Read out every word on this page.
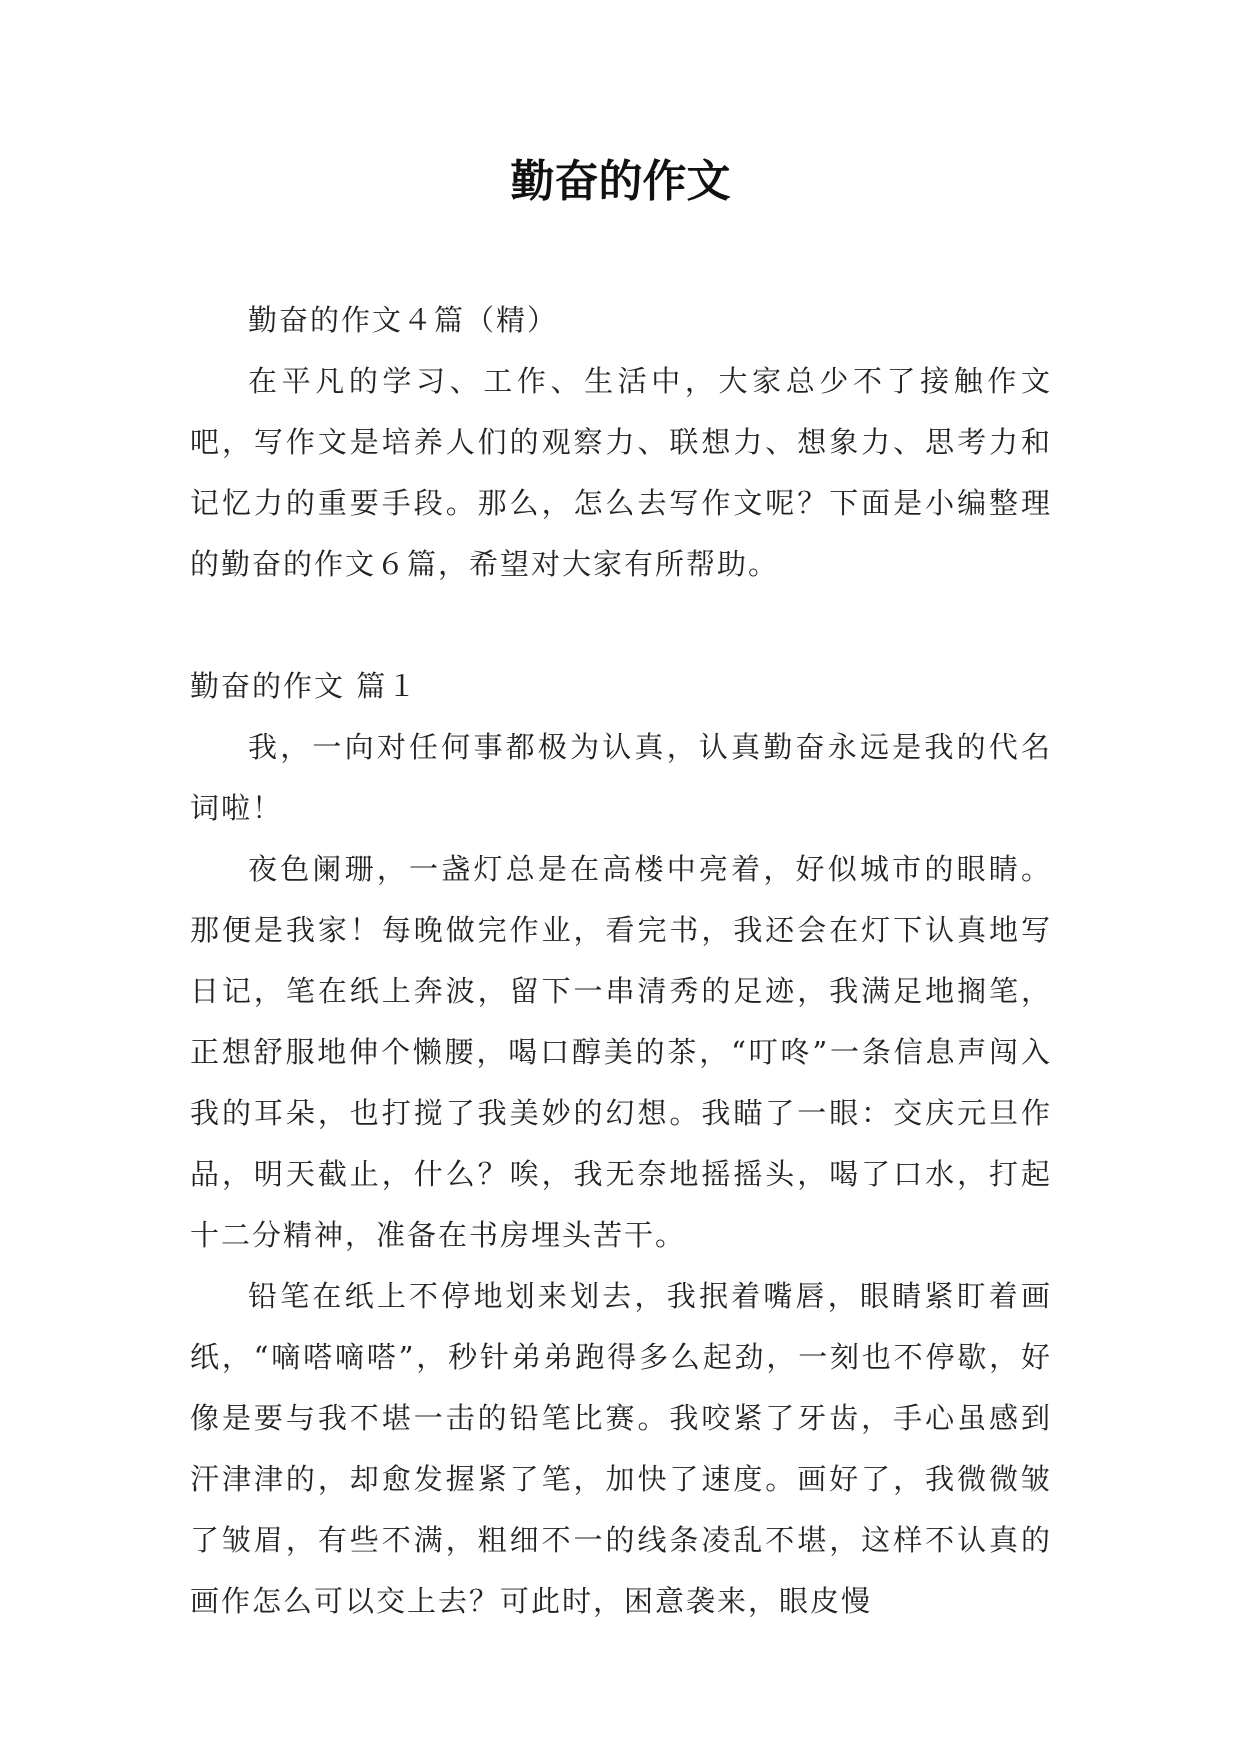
勤奋的作文

勤奋的作文４篇（精）

在平凡的学习、工作、生活中，大家总少不了接触作文吧，写作文是培养人们的观察力、联想力、想象力、思考力和记忆力的重要手段。那么，怎么去写作文呢？下面是小编整理的勤奋的作文６篇，希望对大家有所帮助。

勤奋的作文 篇１

我，一向对任何事都极为认真，认真勤奋永远是我的代名词啦！

夜色阑珊，一盏灯总是在高楼中亮着，好似城市的眼睛。那便是我家！每晚做完作业，看完书，我还会在灯下认真地写日记，笔在纸上奔波，留下一串清秀的足迹，我满足地搁笔，正想舒服地伸个懒腰，喝口醇美的茶，“叮咚”一条信息声闯入我的耳朵，也打搅了我美妙的幻想。我瞄了一眼：交庆元旦作品，明天截止，什么？唉，我无奈地摇摇头，喝了口水，打起十二分精神，准备在书房埋头苦干。

铅笔在纸上不停地划来划去，我抿着嘴唇，眼睛紧盯着画纸，“嘀嗒嘀嗒”，秒针弟弟跑得多么起劲，一刻也不停歇，好像是要与我不堪一击的铅笔比赛。我咬紧了牙齿，手心虽感到汗津津的，却愈发握紧了笔，加快了速度。画好了，我微微皱了皱眉，有些不满，粗细不一的线条凌乱不堪，这样不认真的画作怎么可以交上去？可此时，困意袭来，眼皮慢
